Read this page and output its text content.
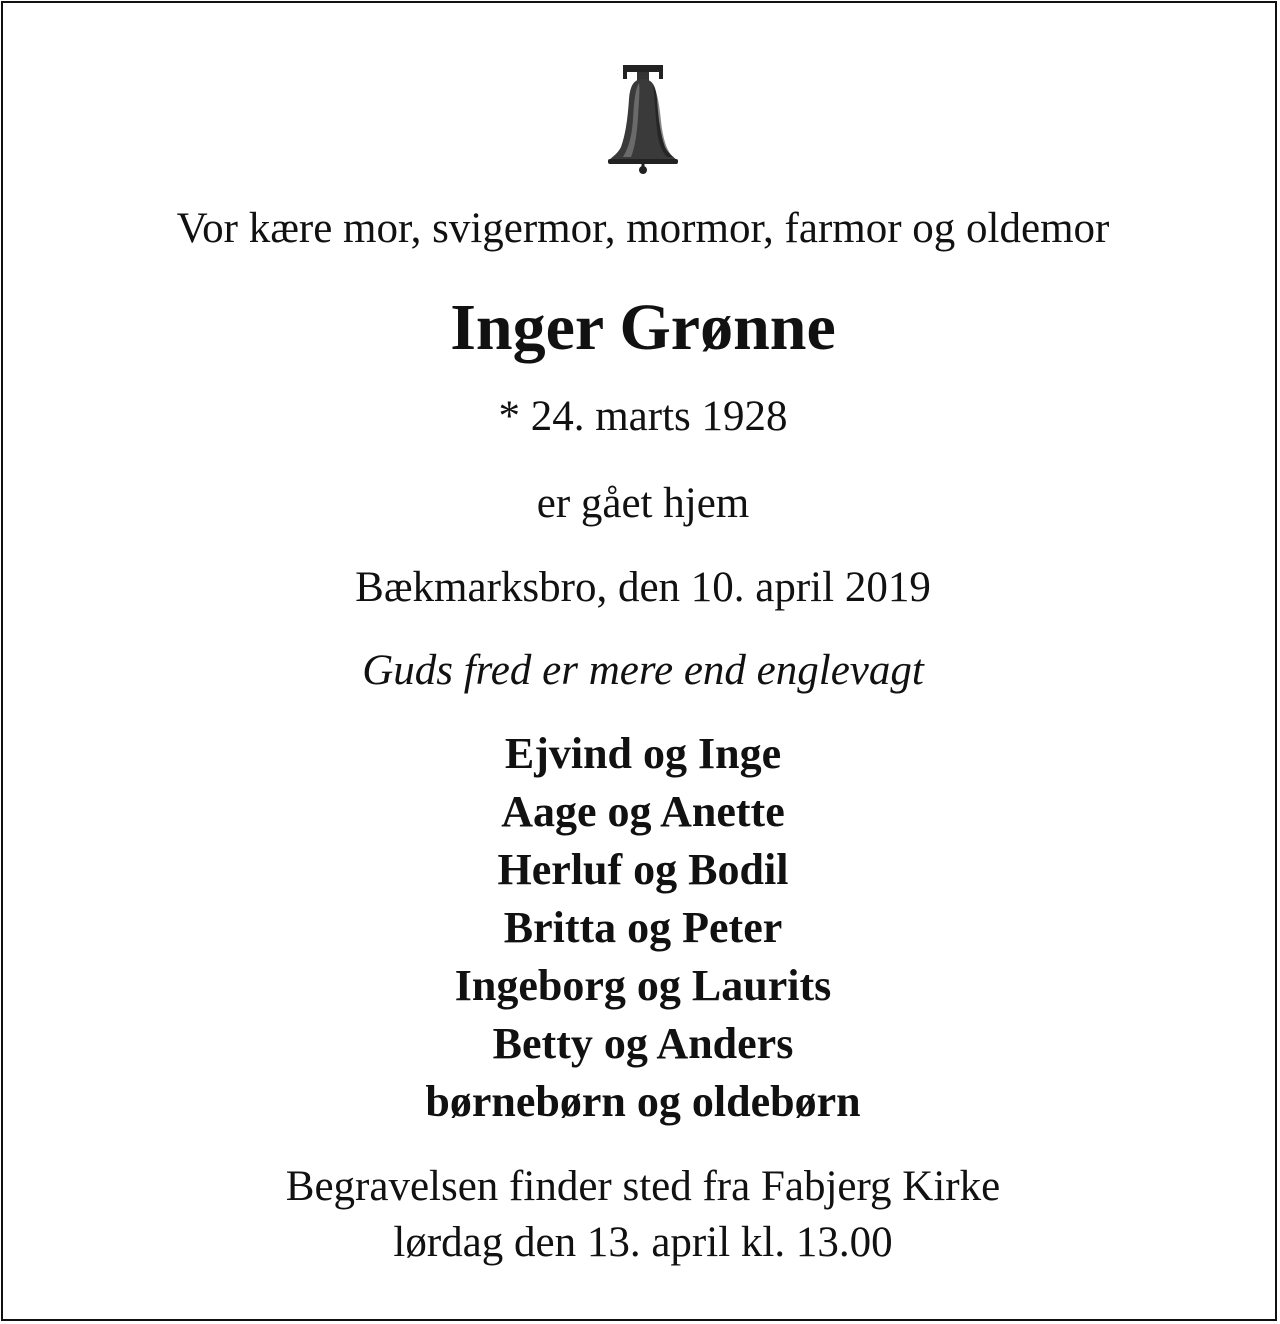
Vor kære mor, svigermor, mormor, farmor og oldemor
Inger Grønne
* 24. marts 1928
er gået hjem
Bækmarksbro, den 10. april 2019
Guds fred er mere end englevagt
Ejvind og Inge
Aage og Anette
Herluf og Bodil
Britta og Peter
Ingeborg og Laurits
Betty og Anders
børnebørn og oldebørn
Begravelsen finder sted fra Fabjerg Kirke
lørdag den 13. april kl. 13.00
